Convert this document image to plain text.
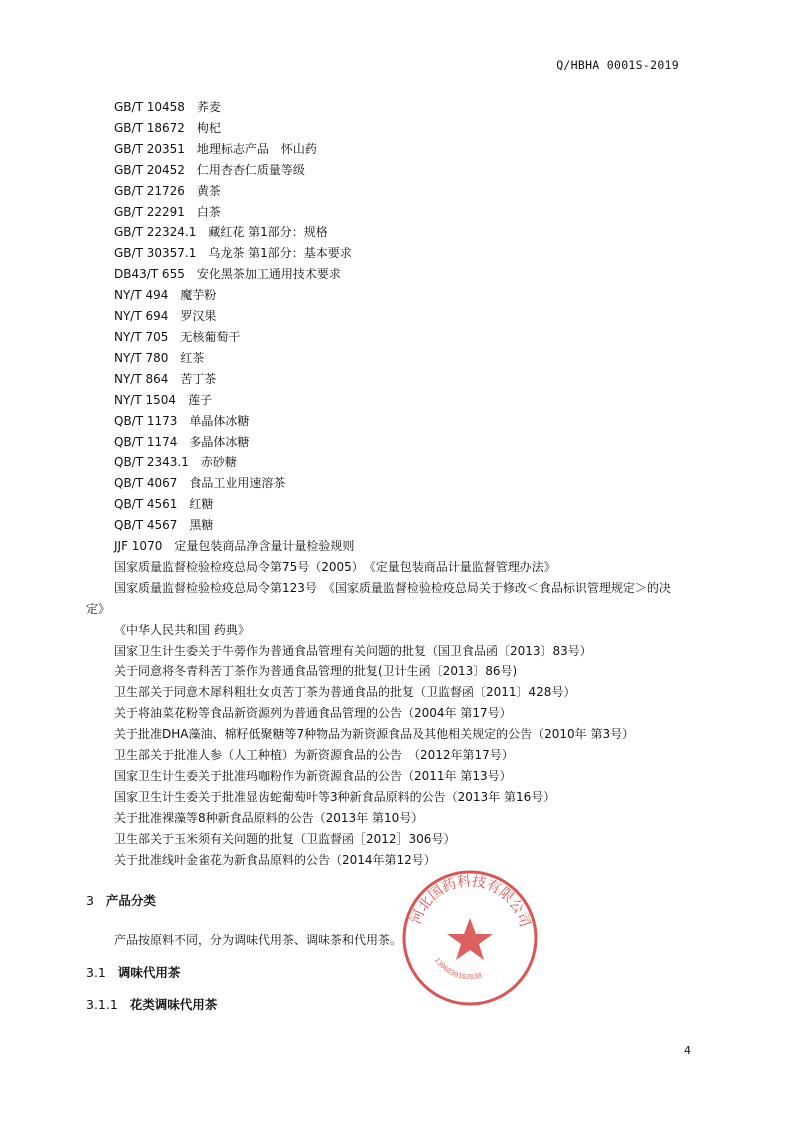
Q/HBHA 0001S-2019
GB/T 10458　荞麦
GB/T 18672　枸杞
GB/T 20351　地理标志产品　怀山药
GB/T 20452　仁用杏杏仁质量等级
GB/T 21726　黄茶
GB/T 22291　白茶
GB/T 22324.1　藏红花 第1部分：规格
GB/T 30357.1　乌龙茶 第1部分：基本要求
DB43/T 655　安化黑茶加工通用技术要求
NY/T 494　魔芋粉
NY/T 694　罗汉果
NY/T 705　无核葡萄干
NY/T 780　红茶
NY/T 864　苦丁茶
NY/T 1504　莲子
QB/T 1173　单晶体冰糖
QB/T 1174　多晶体冰糖
QB/T 2343.1　赤砂糖
QB/T 4067　食品工业用速溶茶
QB/T 4561　红糖
QB/T 4567　黑糖
JJF 1070　定量包装商品净含量计量检验规则
国家质量监督检验检疫总局令第75号（2005）　《定量包装商品计量监督管理办法》
国家质量监督检验检疫总局令第123号　《国家质量监督检验检疫总局关于修改＜食品标识管理规定＞的决定》
《中华人民共和国 药典》
国家卫生计生委关于牛蒡作为普通食品管理有关问题的批复（国卫食品函〔2013〕83号）
关于同意将冬青科苦丁茶作为普通食品管理的批复(卫计生函〔2013〕86号)
卫生部关于同意木犀科粗壮女贞苦丁茶为普通食品的批复（卫监督函〔2011〕428号）
关于将油菜花粉等食品新资源列为普通食品管理的公告（2004年 第17号）
关于批准DHA藻油、棉籽低聚糖等7种物品为新资源食品及其他相关规定的公告（2010年 第3号）
卫生部关于批准人参（人工种植）为新资源食品的公告　（2012年第17号）
国家卫生计生委关于批准玛咖粉作为新资源食品的公告（2011年 第13号）
国家卫生计生委关于批准显齿蛇葡萄叶等3种新食品原料的公告（2013年 第16号）
关于批准裸藻等8种新食品原料的公告（2013年 第10号）
卫生部关于玉米须有关问题的批复（卫监督函［2012］306号）
关于批准线叶金雀花为新食品原料的公告（2014年第12号）
3 产品分类
产品按原料不同，分为调味代用茶、调味茶和代用茶。
3.1 调味代用茶
3.1.1 花类调味代用茶
河北国药科技有限公司
1306830102038
4
